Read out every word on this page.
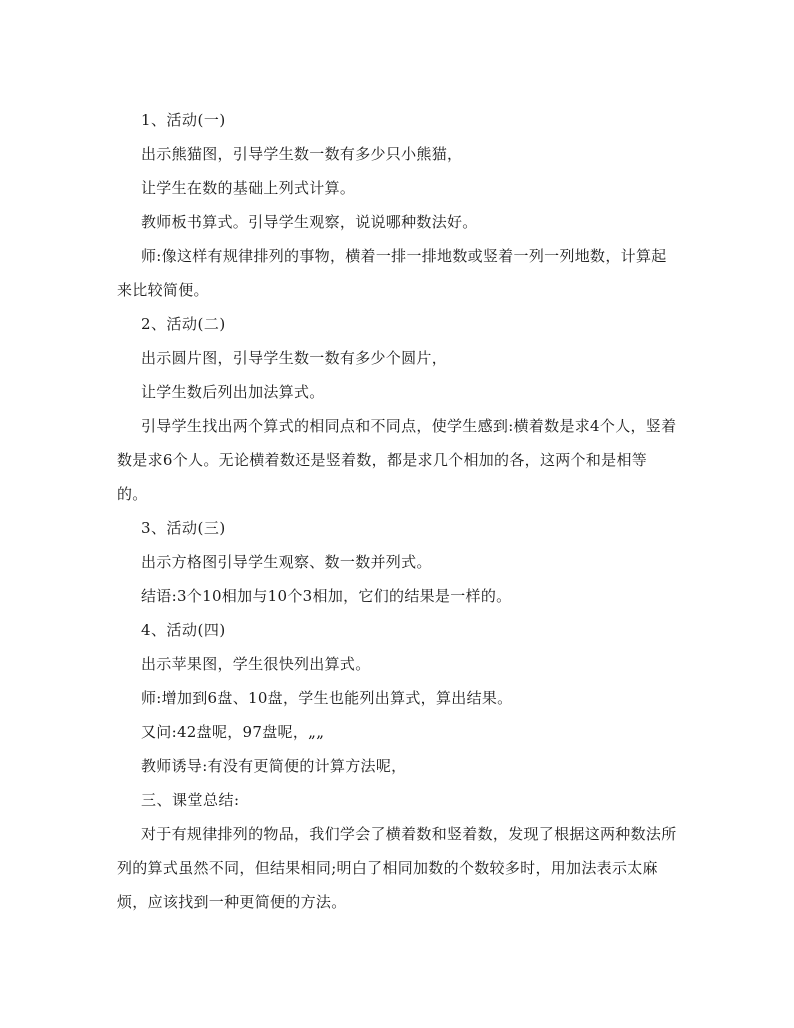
1、活动(一)

出示熊猫图，引导学生数一数有多少只小熊猫，

让学生在数的基础上列式计算。

教师板书算式。引导学生观察，说说哪种数法好。

师:像这样有规律排列的事物，横着一排一排地数或竖着一列一列地数，计算起来比较简便。

2、活动(二)

出示圆片图，引导学生数一数有多少个圆片，

让学生数后列出加法算式。

引导学生找出两个算式的相同点和不同点，使学生感到:横着数是求4个人，竖着数是求6个人。无论横着数还是竖着数，都是求几个相加的各，这两个和是相等的。

3、活动(三)

出示方格图引导学生观察、数一数并列式。

结语:3个10相加与10个3相加，它们的结果是一样的。

4、活动(四)

出示苹果图，学生很快列出算式。

师:增加到6盘、10盘，学生也能列出算式，算出结果。

又问:42盘呢，97盘呢，„„

教师诱导:有没有更简便的计算方法呢，

三、课堂总结:

对于有规律排列的物品，我们学会了横着数和竖着数，发现了根据这两种数法所列的算式虽然不同，但结果相同;明白了相同加数的个数较多时，用加法表示太麻烦，应该找到一种更简便的方法。
